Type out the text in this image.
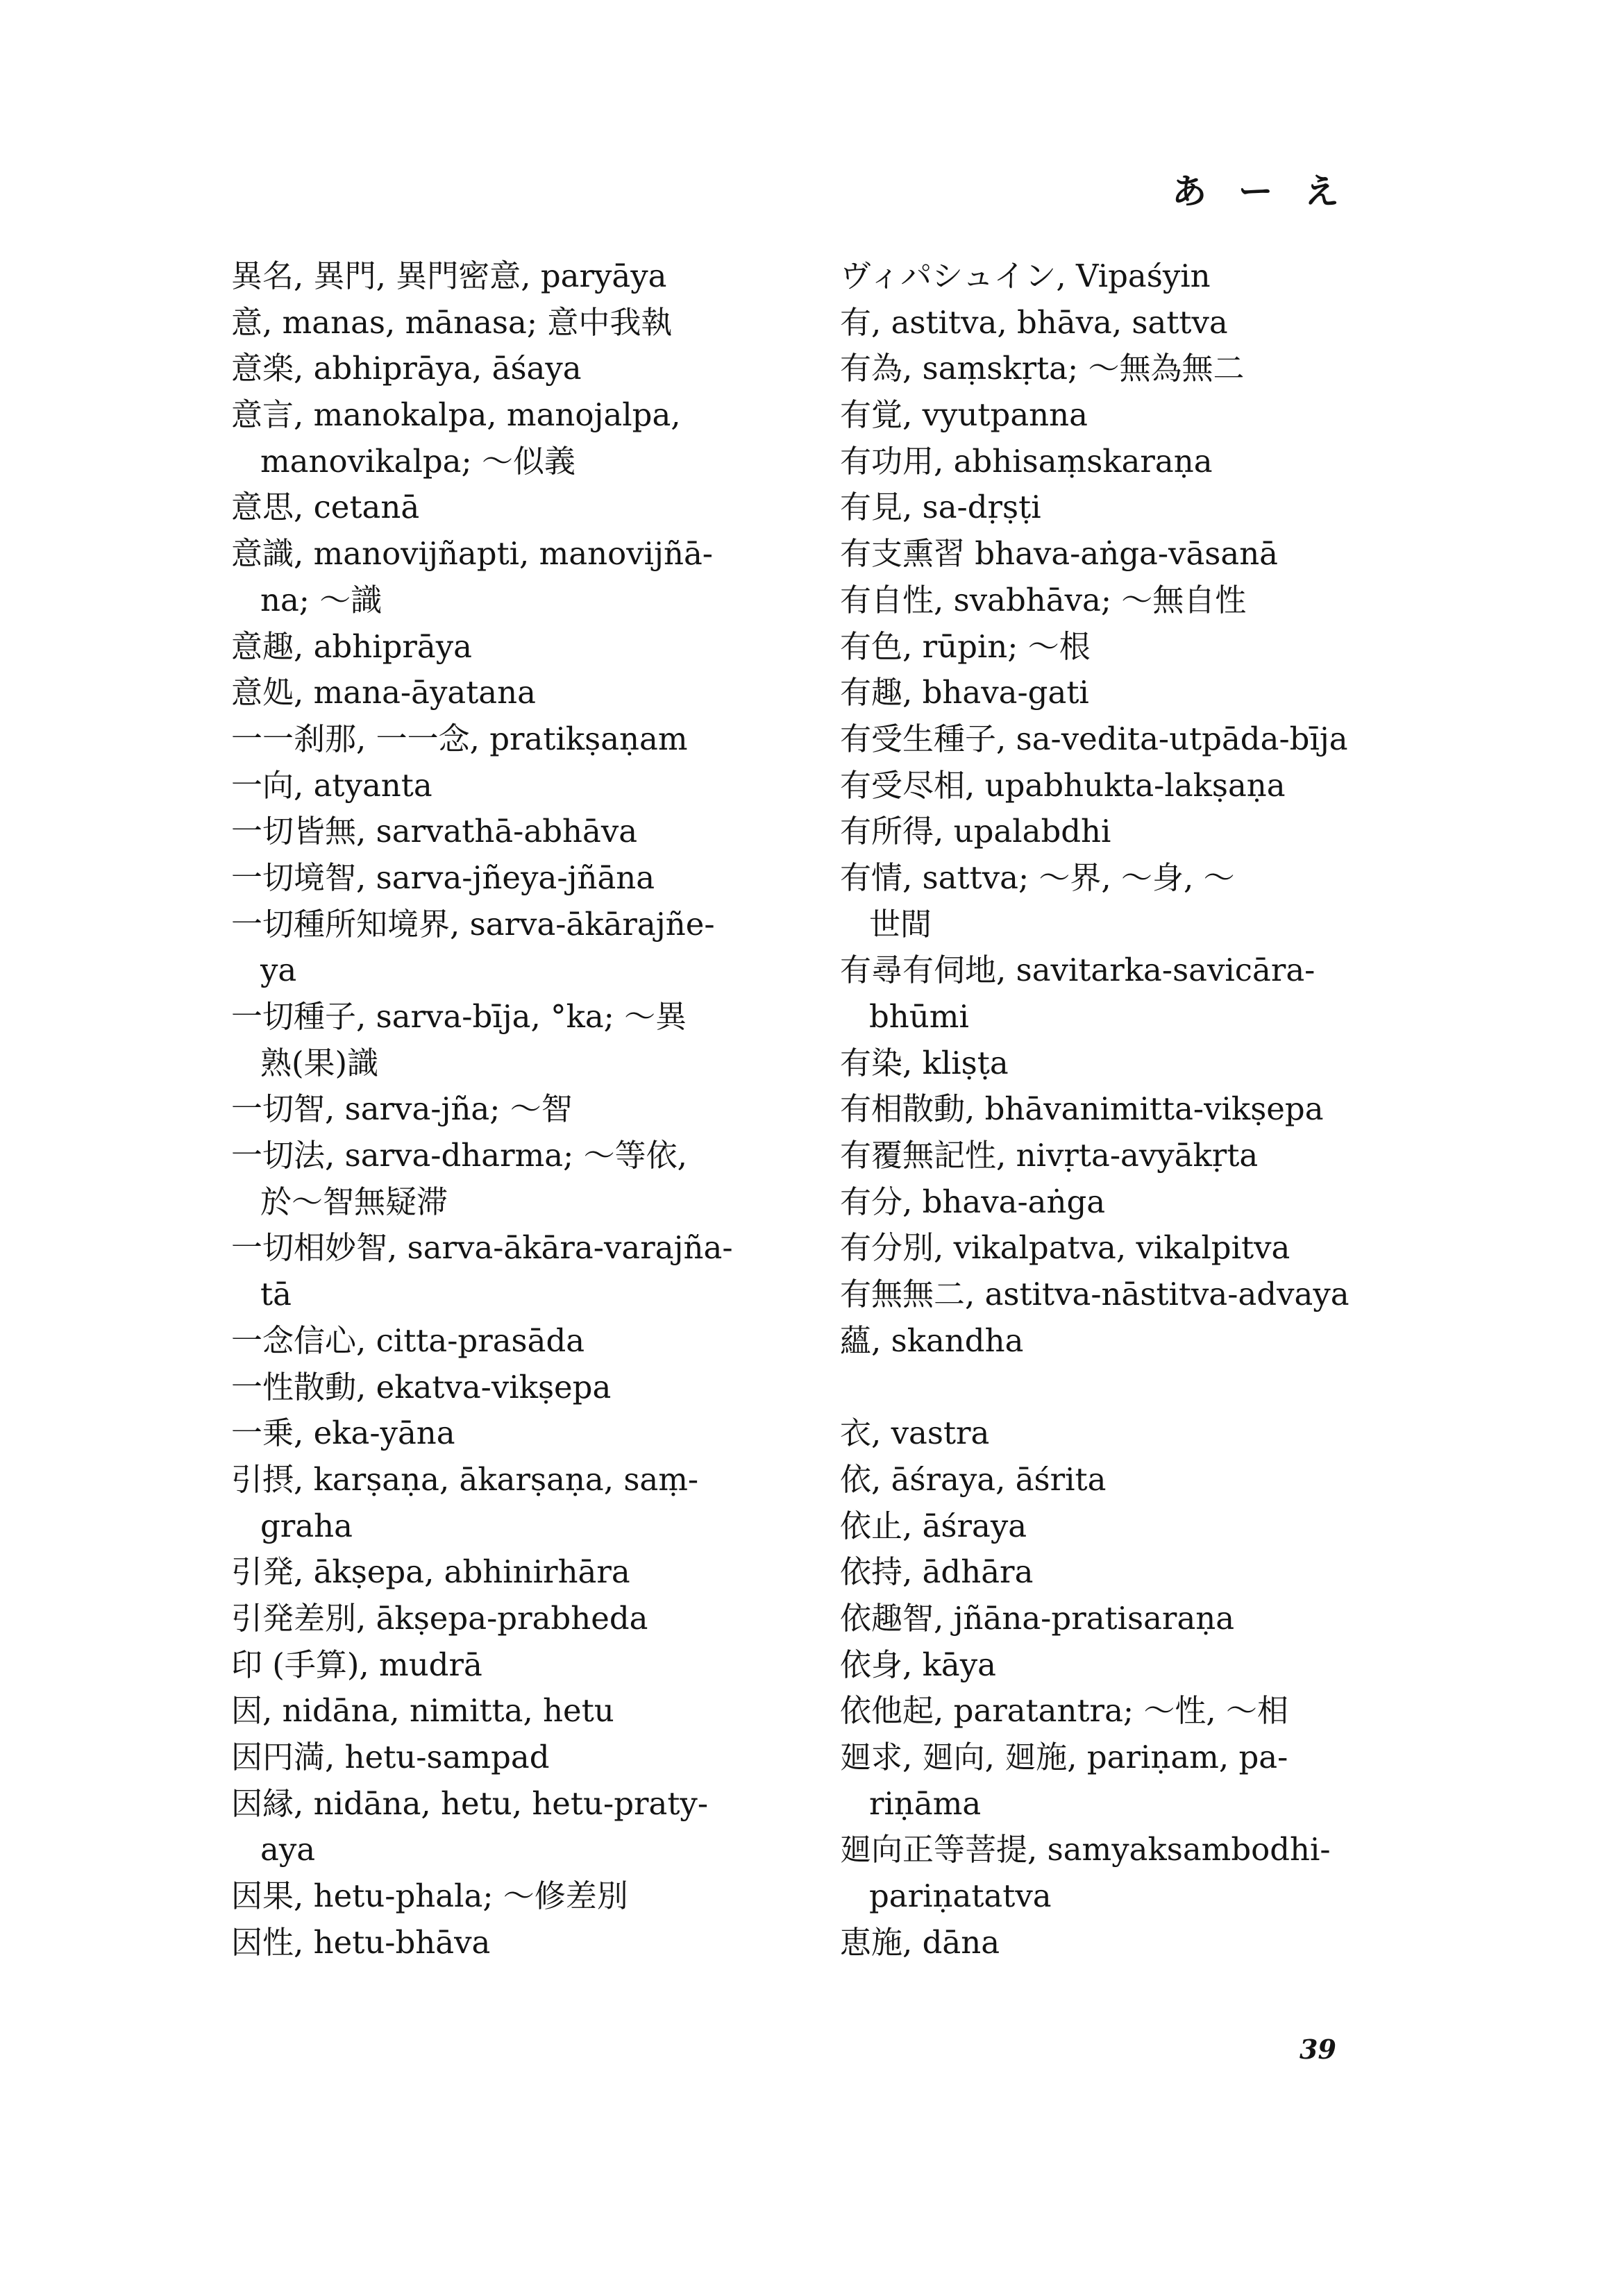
あ ー え
異名, 異門, 異門密意, paryāya
意, manas, mānasa; 意中我執
意楽, abhiprāya, āśaya
意言, manokalpa, manojalpa,
manovikalpa; ～似義
意思, cetanā
意識, manovijñapti, manovijñā-
na; ～識
意趣, abhiprāya
意処, mana-āyatana
一一刹那, 一一念, pratikṣaṇam
一向, atyanta
一切皆無, sarvathā-abhāva
一切境智, sarva-jñeya-jñāna
一切種所知境界, sarva-ākārajñe-
ya
一切種子, sarva-bīja, °ka; ～異
熟(果)識
一切智, sarva-jña; ～智
一切法, sarva-dharma; ～等依,
於～智無疑滞
一切相妙智, sarva-ākāra-varajña-
tā
一念信心, citta-prasāda
一性散動, ekatva-vikṣepa
一乗, eka-yāna
引摂, karṣaṇa, ākarṣaṇa, saṃ-
graha
引発, ākṣepa, abhinirhāra
引発差別, ākṣepa-prabheda
印 (手算), mudrā
因, nidāna, nimitta, hetu
因円満, hetu-sampad
因縁, nidāna, hetu, hetu-praty-
aya
因果, hetu-phala; ～修差別
因性, hetu-bhāva
ヴィパシュイン, Vipaśyin
有, astitva, bhāva, sattva
有為, saṃskṛta; ～無為無二
有覚, vyutpanna
有功用, abhisaṃskaraṇa
有見, sa-dṛṣṭi
有支熏習 bhava-aṅga-vāsanā
有自性, svabhāva; ～無自性
有色, rūpin; ～根
有趣, bhava-gati
有受生種子, sa-vedita-utpāda-bīja
有受尽相, upabhukta-lakṣaṇa
有所得, upalabdhi
有情, sattva; ～界, ～身, ～
世間
有尋有伺地, savitarka-savicāra-
bhūmi
有染, kliṣṭa
有相散動, bhāvanimitta-vikṣepa
有覆無記性, nivṛta-avyākṛta
有分, bhava-aṅga
有分別, vikalpatva, vikalpitva
有無無二, astitva-nāstitva-advaya
蘊, skandha
衣, vastra
依, āśraya, āśrita
依止, āśraya
依持, ādhāra
依趣智, jñāna-pratisaraṇa
依身, kāya
依他起, paratantra; ～性, ～相
廻求, 廻向, 廻施, pariṇam, pa-
riṇāma
廻向正等菩提, samyaksambodhi-
pariṇatatva
恵施, dāna
39
